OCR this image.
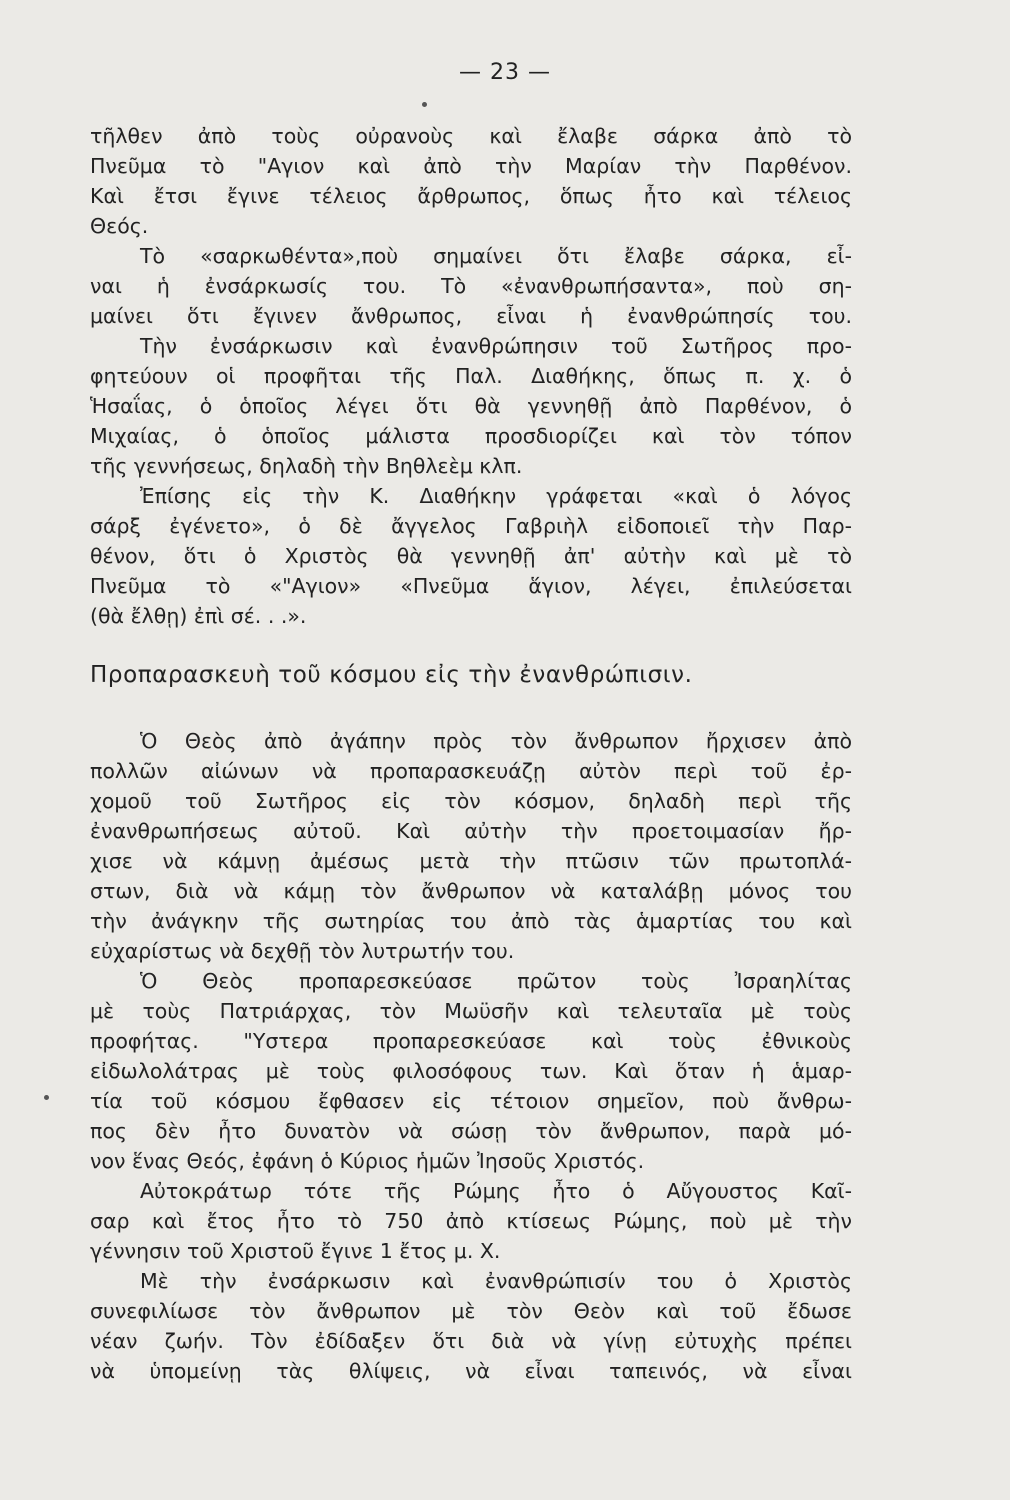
— 23 —
τῆλθεν ἀπὸ τοὺς οὐρανοὺς καὶ ἔλαβε σάρκα ἀπὸ τὸ
Πνεῦμα τὸ "Αγιον καὶ ἀπὸ τὴν Μαρίαν τὴν Παρθένον.
Καὶ ἔτσι ἔγινε τέλειος ἄρθρωπος, ὅπως ἦτο καὶ τέλειος
Θεός.
Τὸ «σαρκωθέντα»,ποὺ σημαίνει ὅτι ἔλαβε σάρκα, εἶ-
ναι ἡ ἐνσάρκωσίς του. Τὸ «ἐνανθρωπήσαντα», ποὺ ση-
μαίνει ὅτι ἔγινεν ἄνθρωπος, εἶναι ἡ ἐνανθρώπησίς του.
Τὴν ἐνσάρκωσιν καὶ ἐνανθρώπησιν τοῦ Σωτῆρος προ-
φητεύουν οἱ προφῆται τῆς Παλ. Διαθήκης, ὅπως π. χ. ὁ
Ἡσαΐας, ὁ ὁποῖος λέγει ὅτι θὰ γεννηθῇ ἀπὸ Παρθένον, ὁ
Μιχαίας, ὁ ὁποῖος μάλιστα προσδιορίζει καὶ τὸν τόπον
τῆς γεννήσεως, δηλαδὴ τὴν Βηθλεὲμ κλπ.
Ἐπίσης εἰς τὴν Κ. Διαθήκην γράφεται «καὶ ὁ λόγος
σάρξ ἐγένετο», ὁ δὲ ἄγγελος Γαβριὴλ εἰδοποιεῖ τὴν Παρ-
θένον, ὅτι ὁ Χριστὸς θὰ γεννηθῇ ἀπ' αὐτὴν καὶ μὲ τὸ
Πνεῦμα τὸ «"Αγιον» «Πνεῦμα ἅγιον, λέγει, ἐπιλεύσεται
(θὰ ἔλθῃ) ἐπὶ σέ. . .».
Προπαρασκευὴ τοῦ κόσμου εἰς τὴν ἐνανθρώπισιν.
Ὁ Θεὸς ἀπὸ ἀγάπην πρὸς τὸν ἄνθρωπον ἤρχισεν ἀπὸ
πολλῶν αἰώνων νὰ προπαρασκευάζῃ αὐτὸν περὶ τοῦ ἐρ-
χομοῦ τοῦ Σωτῆρος εἰς τὸν κόσμον, δηλαδὴ περὶ τῆς
ἐνανθρωπήσεως αὐτοῦ. Καὶ αὐτὴν τὴν προετοιμασίαν ἤρ-
χισε νὰ κάμνῃ ἀμέσως μετὰ τὴν πτῶσιν τῶν πρωτοπλά-
στων, διὰ νὰ κάμῃ τὸν ἄνθρωπον νὰ καταλάβῃ μόνος του
τὴν ἀνάγκην τῆς σωτηρίας του ἀπὸ τὰς ἁμαρτίας του καὶ
εὐχαρίστως νὰ δεχθῇ τὸν λυτρωτήν του.
Ὁ Θεὸς προπαρεσκεύασε πρῶτον τοὺς Ἰσραηλίτας
μὲ τοὺς Πατριάρχας, τὸν Μωϋσῆν καὶ τελευταῖα μὲ τοὺς
προφήτας. "Υστερα προπαρεσκεύασε καὶ τοὺς ἐθνικοὺς
εἰδωλολάτρας μὲ τοὺς φιλοσόφους των. Καὶ ὅταν ἡ ἁμαρ-
τία τοῦ κόσμου ἔφθασεν εἰς τέτοιον σημεῖον, ποὺ ἄνθρω-
πος δὲν ἦτο δυνατὸν νὰ σώσῃ τὸν ἄνθρωπον, παρὰ μό-
νον ἕνας Θεός, ἐφάνη ὁ Κύριος ἡμῶν Ἰησοῦς Χριστός.
Αὐτοκράτωρ τότε τῆς Ρώμης ἦτο ὁ Αὔγουστος Καῖ-
σαρ καὶ ἔτος ἦτο τὸ 750 ἀπὸ κτίσεως Ρώμης, ποὺ μὲ τὴν
γέννησιν τοῦ Χριστοῦ ἔγινε 1 ἔτος μ. Χ.
Μὲ τὴν ἐνσάρκωσιν καὶ ἐνανθρώπισίν του ὁ Χριστὸς
συνεφιλίωσε τὸν ἄνθρωπον μὲ τὸν Θεὸν καὶ τοῦ ἔδωσε
νέαν ζωήν. Τὸν ἐδίδαξεν ὅτι διὰ νὰ γίνῃ εὐτυχὴς πρέπει
νὰ ὑπομείνῃ τὰς θλίψεις, νὰ εἶναι ταπεινός, νὰ εἶναι
